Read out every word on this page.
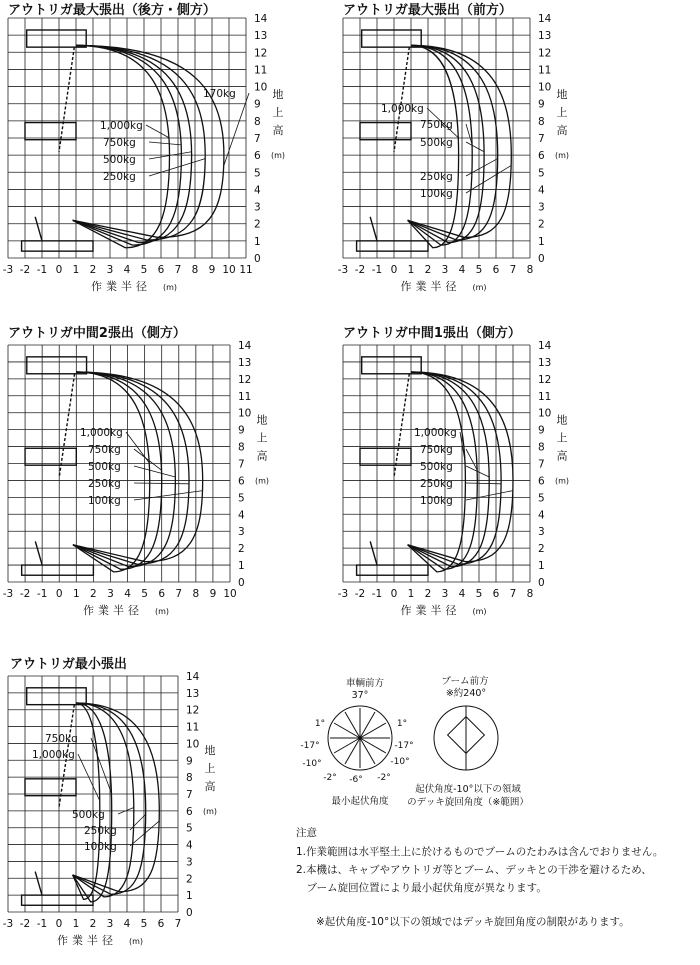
アウトリガ最大張出（後方・側方）
-3 -2 -1 0 1 2 3 4 5 6 7 8 9 10 11
0
1
2
3
4
5
6
7
8
9
10
11
12
13
14
作業半径 (m)
地
上
高
(m)
1,000kg
750kg
500kg
250kg
170kg
アウトリガ最大張出（前方）
-3 -2 -1 0 1 2 3 4 5 6 7 8
0
1
2
3
4
5
6
7
8
9
10
11
12
13
14
作業半径 (m)
地
上
高
(m)
1,000kg
750kg
500kg
250kg
100kg
アウトリガ中間2張出（側方）
-3 -2 -1 0 1 2 3 4 5 6 7 8 9 10
0
1
2
3
4
5
6
7
8
9
10
11
12
13
14
作業半径 (m)
地
上
高
(m)
1,000kg
750kg
500kg
250kg
100kg
アウトリガ中間1張出（側方）
-3 -2 -1 0 1 2 3 4 5 6 7 8
0
1
2
3
4
5
6
7
8
9
10
11
12
13
14
作業半径 (m)
地
上
高
(m)
1,000kg
750kg
500kg
250kg
100kg
アウトリガ最小張出
-3 -2 -1 0 1 2 3 4 5 6 7
0
1
2
3
4
5
6
7
8
9
10
11
12
13
14
作業半径 (m)
地
上
高
(m)
750kg
1,000kg
500kg
250kg
100kg
車輌前方
37°
1°	1°
-17°	-17°
-10°	-10°
-2° -6° -2°
最小起伏角度
ブーム前方
※約240°
起伏角度-10°以下の領域
のデッキ旋回角度（※範囲）
注意
1.作業範囲は水平堅土上に於けるものでブームのたわみは含んでおりません。
2.本機は、キャブやアウトリガ等とブーム、デッキとの干渉を避けるため、
　ブーム旋回位置により最小起伏角度が異なります。
※起伏角度-10°以下の領域ではデッキ旋回角度の制限があります。
